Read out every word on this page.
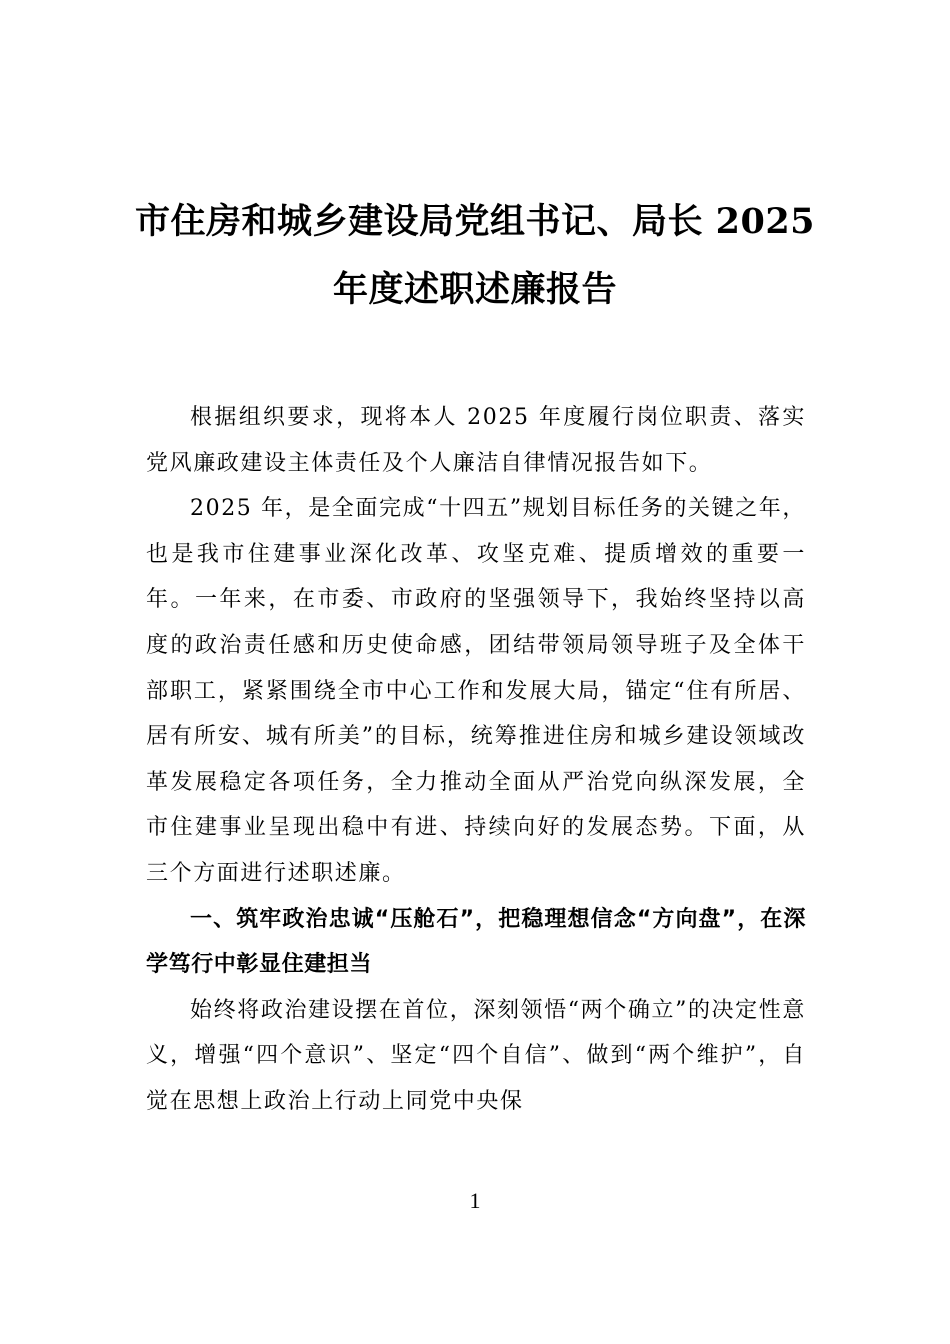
市住房和城乡建设局党组书记、局长 2025
年度述职述廉报告

根据组织要求，现将本人 2025 年度履行岗位职责、落实党风廉政建设主体责任及个人廉洁自律情况报告如下。

2025 年，是全面完成“十四五”规划目标任务的关键之年，也是我市住建事业深化改革、攻坚克难、提质增效的重要一年。一年来，在市委、市政府的坚强领导下，我始终坚持以高度的政治责任感和历史使命感，团结带领局领导班子及全体干部职工，紧紧围绕全市中心工作和发展大局，锚定“住有所居、居有所安、城有所美”的目标，统筹推进住房和城乡建设领域改革发展稳定各项任务，全力推动全面从严治党向纵深发展，全市住建事业呈现出稳中有进、持续向好的发展态势。下面，从三个方面进行述职述廉。

一、筑牢政治忠诚“压舱石”，把稳理想信念“方向盘”，在深学笃行中彰显住建担当

始终将政治建设摆在首位，深刻领悟“两个确立”的决定性意义，增强“四个意识”、坚定“四个自信”、做到“两个维护”，自觉在思想上政治上行动上同党中央保

1
